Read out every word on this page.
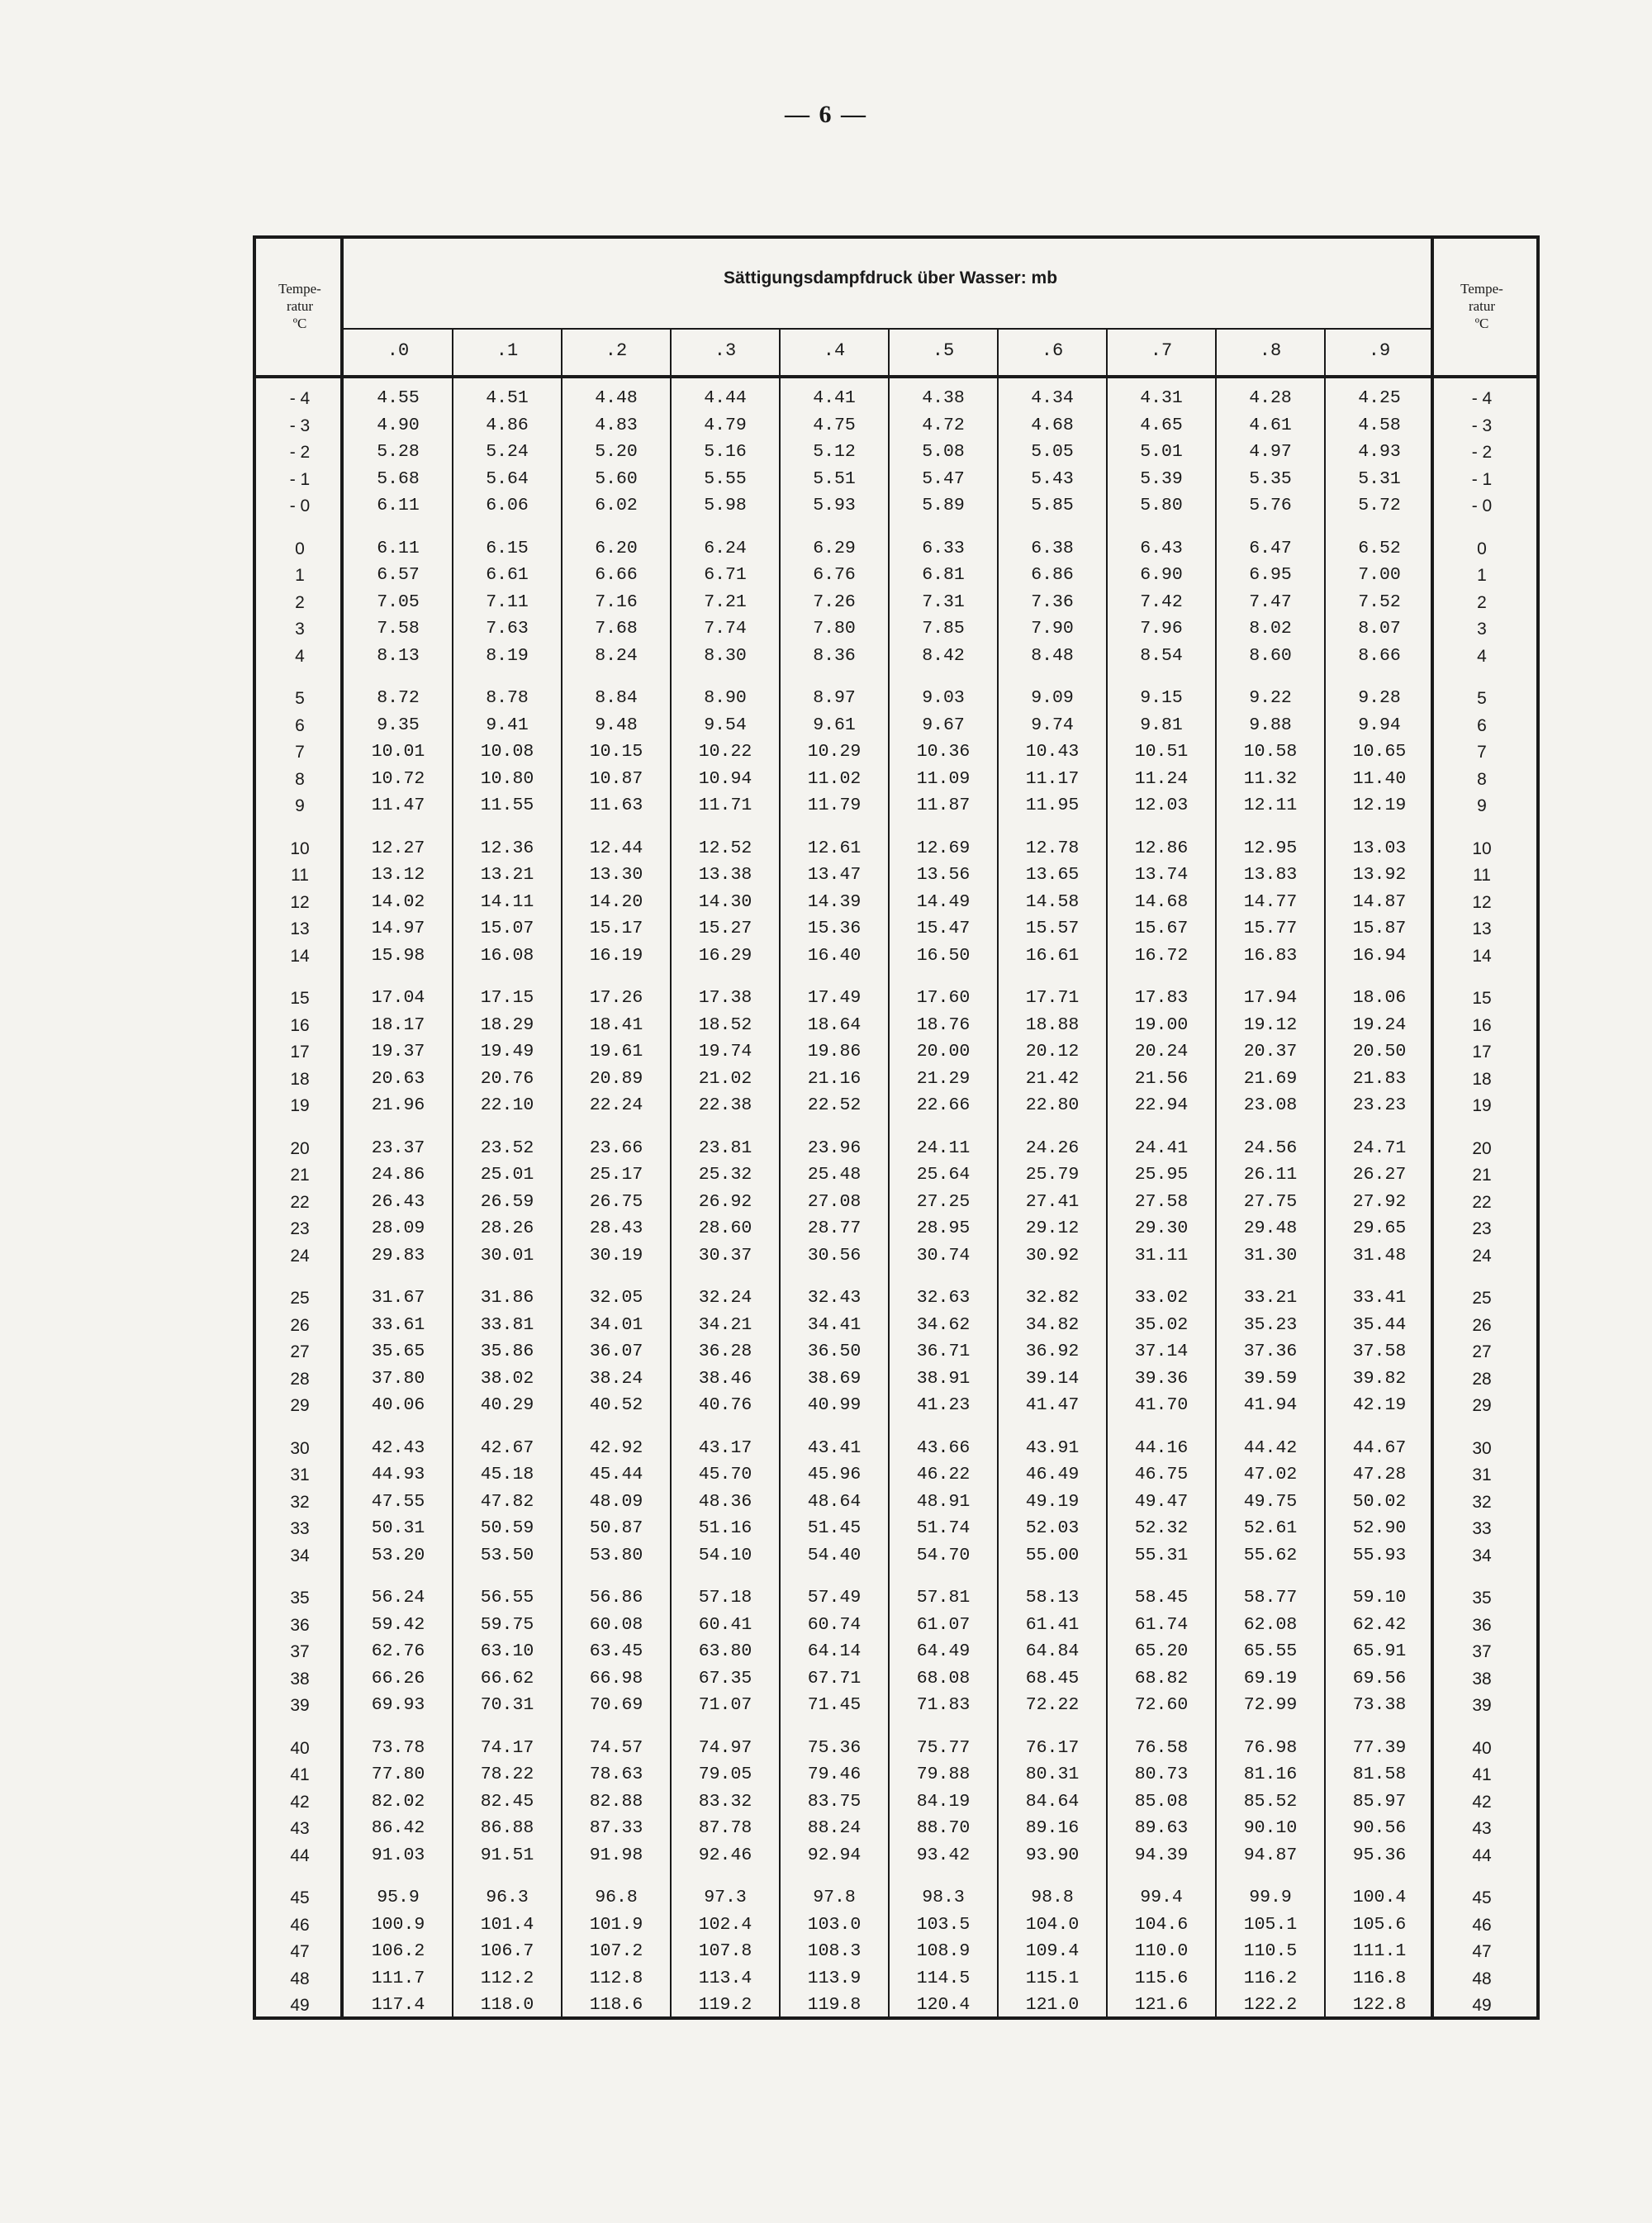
— 6 —
Tempe-
ratur
ºC
Sättigungsdampfdruck über Wasser: mb
Tempe-
ratur
ºC
.0	.1	.2	.3	.4	.5	.6	.7	.8	.9
- 4	4.55	4.51	4.48	4.44	4.41	4.38	4.34	4.31	4.28	4.25	- 4
- 3	4.90	4.86	4.83	4.79	4.75	4.72	4.68	4.65	4.61	4.58	- 3
- 2	5.28	5.24	5.20	5.16	5.12	5.08	5.05	5.01	4.97	4.93	- 2
- 1	5.68	5.64	5.60	5.55	5.51	5.47	5.43	5.39	5.35	5.31	- 1
- 0	6.11	6.06	6.02	5.98	5.93	5.89	5.85	5.80	5.76	5.72	- 0
0	6.11	6.15	6.20	6.24	6.29	6.33	6.38	6.43	6.47	6.52	0
1	6.57	6.61	6.66	6.71	6.76	6.81	6.86	6.90	6.95	7.00	1
2	7.05	7.11	7.16	7.21	7.26	7.31	7.36	7.42	7.47	7.52	2
3	7.58	7.63	7.68	7.74	7.80	7.85	7.90	7.96	8.02	8.07	3
4	8.13	8.19	8.24	8.30	8.36	8.42	8.48	8.54	8.60	8.66	4
5	8.72	8.78	8.84	8.90	8.97	9.03	9.09	9.15	9.22	9.28	5
6	9.35	9.41	9.48	9.54	9.61	9.67	9.74	9.81	9.88	9.94	6
7	10.01	10.08	10.15	10.22	10.29	10.36	10.43	10.51	10.58	10.65	7
8	10.72	10.80	10.87	10.94	11.02	11.09	11.17	11.24	11.32	11.40	8
9	11.47	11.55	11.63	11.71	11.79	11.87	11.95	12.03	12.11	12.19	9
10	12.27	12.36	12.44	12.52	12.61	12.69	12.78	12.86	12.95	13.03	10
11	13.12	13.21	13.30	13.38	13.47	13.56	13.65	13.74	13.83	13.92	11
12	14.02	14.11	14.20	14.30	14.39	14.49	14.58	14.68	14.77	14.87	12
13	14.97	15.07	15.17	15.27	15.36	15.47	15.57	15.67	15.77	15.87	13
14	15.98	16.08	16.19	16.29	16.40	16.50	16.61	16.72	16.83	16.94	14
15	17.04	17.15	17.26	17.38	17.49	17.60	17.71	17.83	17.94	18.06	15
16	18.17	18.29	18.41	18.52	18.64	18.76	18.88	19.00	19.12	19.24	16
17	19.37	19.49	19.61	19.74	19.86	20.00	20.12	20.24	20.37	20.50	17
18	20.63	20.76	20.89	21.02	21.16	21.29	21.42	21.56	21.69	21.83	18
19	21.96	22.10	22.24	22.38	22.52	22.66	22.80	22.94	23.08	23.23	19
20	23.37	23.52	23.66	23.81	23.96	24.11	24.26	24.41	24.56	24.71	20
21	24.86	25.01	25.17	25.32	25.48	25.64	25.79	25.95	26.11	26.27	21
22	26.43	26.59	26.75	26.92	27.08	27.25	27.41	27.58	27.75	27.92	22
23	28.09	28.26	28.43	28.60	28.77	28.95	29.12	29.30	29.48	29.65	23
24	29.83	30.01	30.19	30.37	30.56	30.74	30.92	31.11	31.30	31.48	24
25	31.67	31.86	32.05	32.24	32.43	32.63	32.82	33.02	33.21	33.41	25
26	33.61	33.81	34.01	34.21	34.41	34.62	34.82	35.02	35.23	35.44	26
27	35.65	35.86	36.07	36.28	36.50	36.71	36.92	37.14	37.36	37.58	27
28	37.80	38.02	38.24	38.46	38.69	38.91	39.14	39.36	39.59	39.82	28
29	40.06	40.29	40.52	40.76	40.99	41.23	41.47	41.70	41.94	42.19	29
30	42.43	42.67	42.92	43.17	43.41	43.66	43.91	44.16	44.42	44.67	30
31	44.93	45.18	45.44	45.70	45.96	46.22	46.49	46.75	47.02	47.28	31
32	47.55	47.82	48.09	48.36	48.64	48.91	49.19	49.47	49.75	50.02	32
33	50.31	50.59	50.87	51.16	51.45	51.74	52.03	52.32	52.61	52.90	33
34	53.20	53.50	53.80	54.10	54.40	54.70	55.00	55.31	55.62	55.93	34
35	56.24	56.55	56.86	57.18	57.49	57.81	58.13	58.45	58.77	59.10	35
36	59.42	59.75	60.08	60.41	60.74	61.07	61.41	61.74	62.08	62.42	36
37	62.76	63.10	63.45	63.80	64.14	64.49	64.84	65.20	65.55	65.91	37
38	66.26	66.62	66.98	67.35	67.71	68.08	68.45	68.82	69.19	69.56	38
39	69.93	70.31	70.69	71.07	71.45	71.83	72.22	72.60	72.99	73.38	39
40	73.78	74.17	74.57	74.97	75.36	75.77	76.17	76.58	76.98	77.39	40
41	77.80	78.22	78.63	79.05	79.46	79.88	80.31	80.73	81.16	81.58	41
42	82.02	82.45	82.88	83.32	83.75	84.19	84.64	85.08	85.52	85.97	42
43	86.42	86.88	87.33	87.78	88.24	88.70	89.16	89.63	90.10	90.56	43
44	91.03	91.51	91.98	92.46	92.94	93.42	93.90	94.39	94.87	95.36	44
45	95.9	96.3	96.8	97.3	97.8	98.3	98.8	99.4	99.9	100.4	45
46	100.9	101.4	101.9	102.4	103.0	103.5	104.0	104.6	105.1	105.6	46
47	106.2	106.7	107.2	107.8	108.3	108.9	109.4	110.0	110.5	111.1	47
48	111.7	112.2	112.8	113.4	113.9	114.5	115.1	115.6	116.2	116.8	48
49	117.4	118.0	118.6	119.2	119.8	120.4	121.0	121.6	122.2	122.8	49
